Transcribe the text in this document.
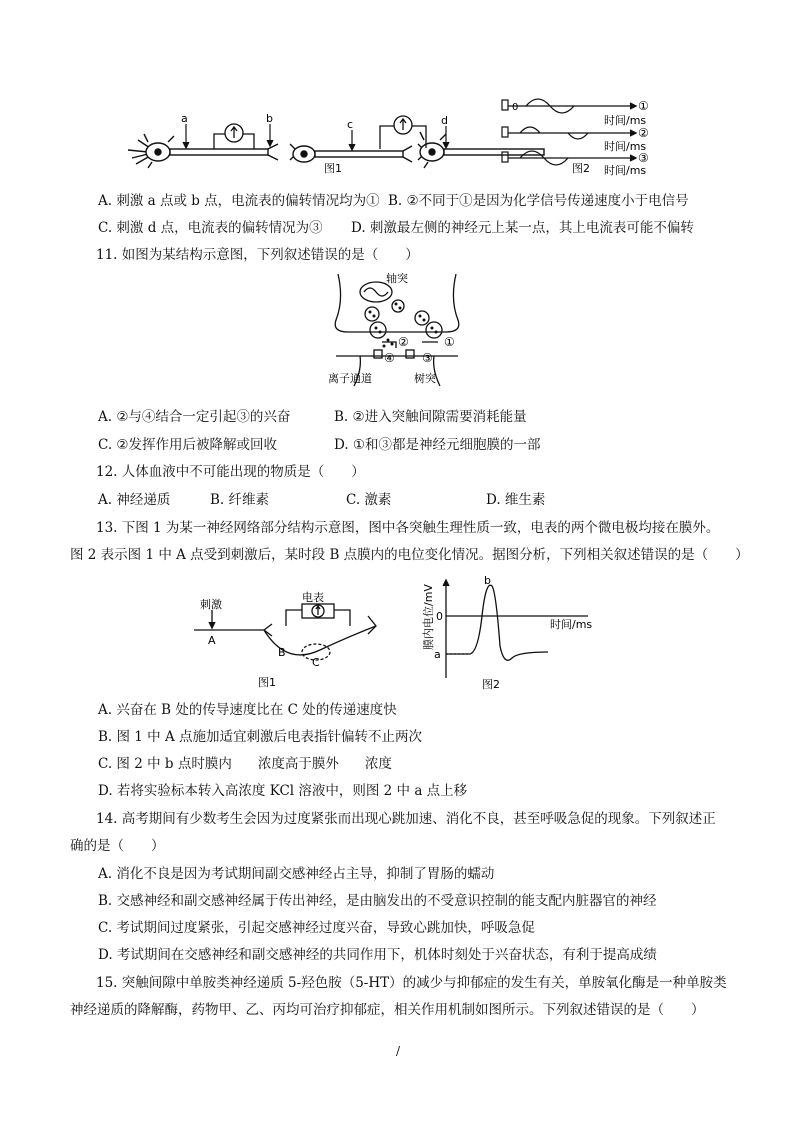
a	b	c	d
图1
0	①
时间/ms
②
时间/ms
③
时间/ms
图2
A. 刺激 a 点或 b 点，电流表的偏转情况均为① B. ②不同于①是因为化学信号传递速度小于电信号
C. 刺激 d 点，电流表的偏转情况为③ D. 刺激最左侧的神经元上某一点，其上电流表可能不偏转
11. 如图为某结构示意图，下列叙述错误的是（　　）
轴突
②	①
④ ③
离子通道	树突
A. ②与④结合一定引起③的兴奋	B. ②进入突触间隙需要消耗能量
C. ②发挥作用后被降解或回收	D. ①和③都是神经元细胞膜的一部
12. 人体血液中不可能出现的物质是（　　）
A. 神经递质	B. 纤维素	C. 激素	D. 维生素
13. 下图 1 为某一神经网络部分结构示意图，图中各突触生理性质一致，电表的两个微电极均接在膜外。
图 2 表示图 1 中 A 点受到刺激后，某时段 B 点膜内的电位变化情况。据图分析，下列相关叙述错误的是（　　）
刺激
电表
A
B
C
图1
a
b
0
时间/ms
膜内电位/mV
图2
A. 兴奋在 B 处的传导速度比在 C 处的传递速度快
B. 图 1 中 A 点施加适宜刺激后电表指针偏转不止两次
C. 图 2 中 b 点时膜内 浓度高于膜外 浓度
D. 若将实验标本转入高浓度 KCl 溶液中，则图 2 中 a 点上移
14. 高考期间有少数考生会因为过度紧张而出现心跳加速、消化不良，甚至呼吸急促的现象。下列叙述正
确的是（　　）
A. 消化不良是因为考试期间副交感神经占主导，抑制了胃肠的蠕动
B. 交感神经和副交感神经属于传出神经，是由脑发出的不受意识控制的能支配内脏器官的神经
C. 考试期间过度紧张，引起交感神经过度兴奋，导致心跳加快，呼吸急促
D. 考试期间在交感神经和副交感神经的共同作用下，机体时刻处于兴奋状态，有利于提高成绩
15. 突触间隙中单胺类神经递质 5-羟色胺（5-HT）的减少与抑郁症的发生有关，单胺氧化酶是一种单胺类
神经递质的降解酶，药物甲、乙、丙均可治疗抑郁症，相关作用机制如图所示。下列叙述错误的是（　　）
/
